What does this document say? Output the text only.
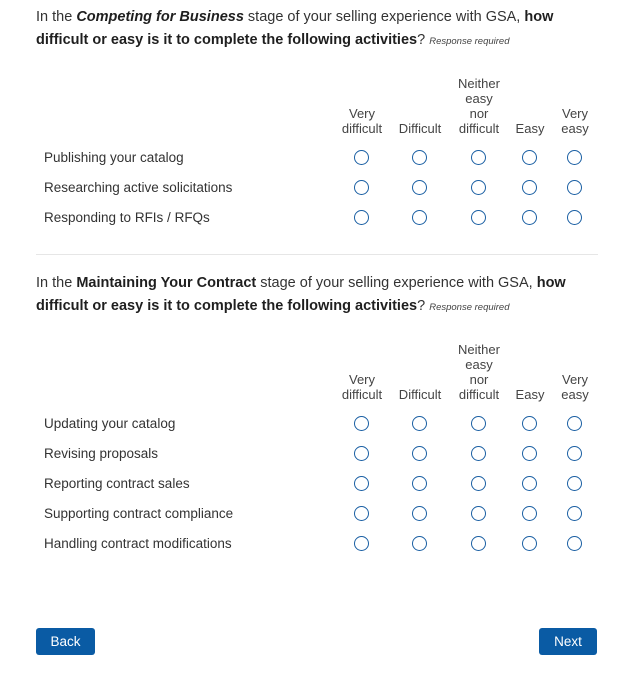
In the Competing for Business stage of your selling experience with GSA, how difficult or easy is it to complete the following activities? Response required
Very
difficult Difficult
Neither
easy
nor
difficult Easy
Very
easy
Publishing your catalog
Researching active solicitations
Responding to RFIs / RFQs
In the Maintaining Your Contract stage of your selling experience with GSA, how difficult or easy is it to complete the following activities? Response required
Very
difficult Difficult
Neither
easy
nor
difficult Easy
Very
easy
Updating your catalog
Revising proposals
Reporting contract sales
Supporting contract compliance
Handling contract modifications
Back	Next
